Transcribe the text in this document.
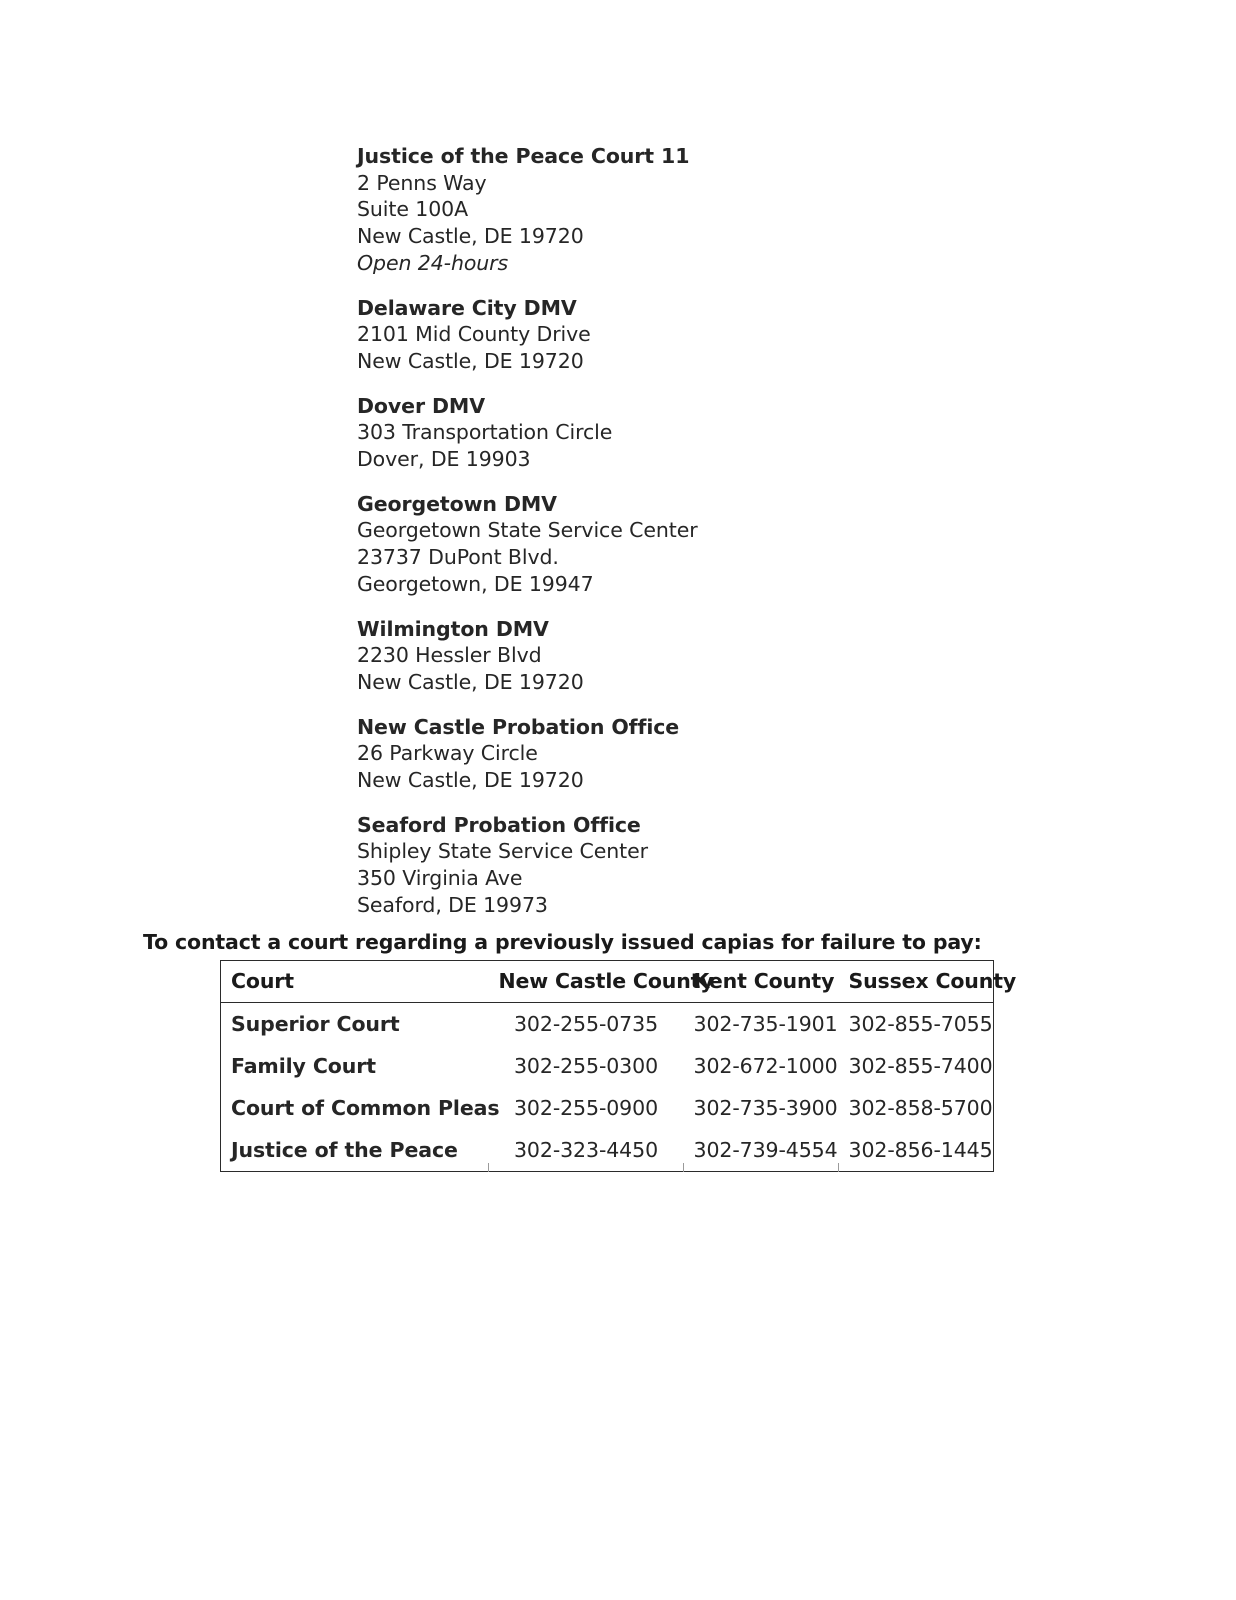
Justice of the Peace Court 11
2 Penns Way
Suite 100A
New Castle, DE 19720
Open 24-hours
Delaware City DMV
2101 Mid County Drive
New Castle, DE 19720
Dover DMV
303 Transportation Circle
Dover, DE 19903
Georgetown DMV
Georgetown State Service Center
23737 DuPont Blvd.
Georgetown, DE 19947
Wilmington DMV
2230 Hessler Blvd
New Castle, DE 19720
New Castle Probation Office
26 Parkway Circle
New Castle, DE 19720
Seaford Probation Office
Shipley State Service Center
350 Virginia Ave
Seaford, DE 19973

To contact a court regarding a previously issued capias for failure to pay:

Court	New Castle County	Kent County	Sussex County
Superior Court	302-255-0735	302-735-1901	302-855-7055
Family Court	302-255-0300	302-672-1000	302-855-7400
Court of Common Pleas	302-255-0900	302-735-3900	302-858-5700
Justice of the Peace	302-323-4450	302-739-4554	302-856-1445
